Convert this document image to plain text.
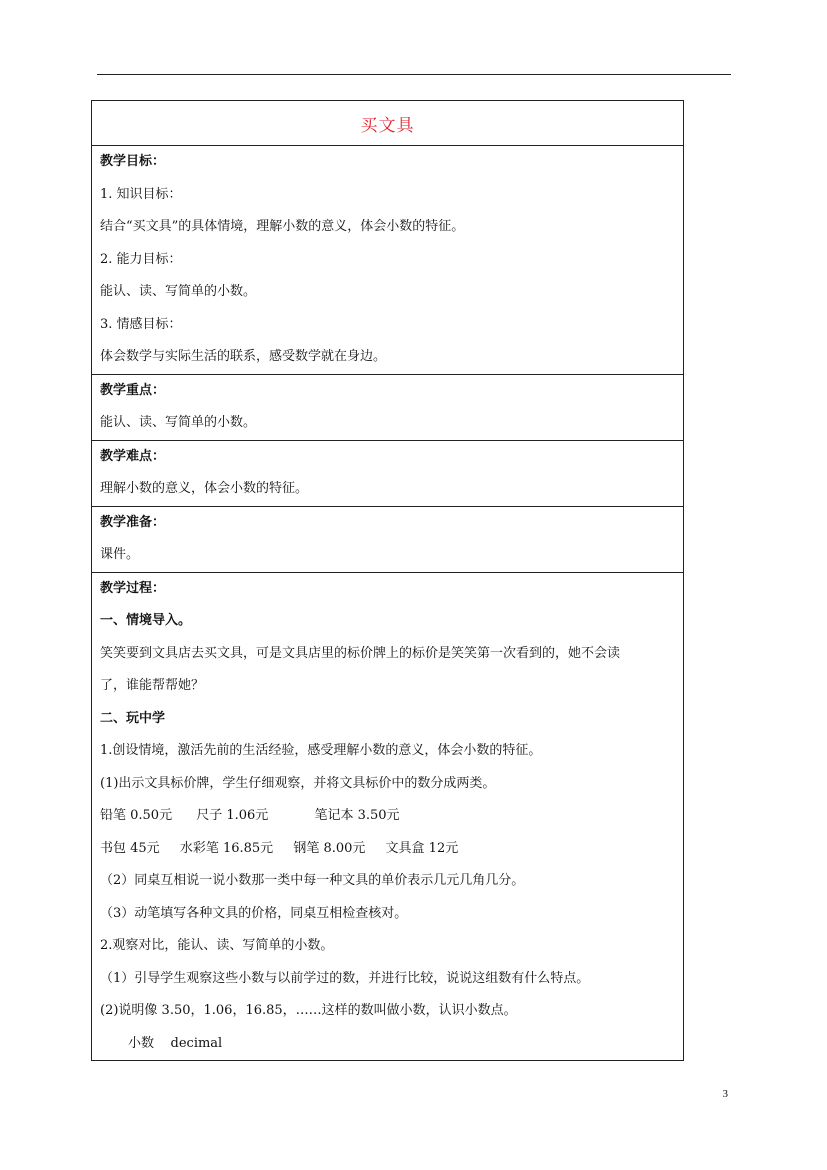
买文具
教学目标：
1. 知识目标：
结合“买文具”的具体情境，理解小数的意义，体会小数的特征。
2. 能力目标：
能认、读、写简单的小数。
3. 情感目标：
体会数学与实际生活的联系，感受数学就在身边。
教学重点：
能认、读、写简单的小数。
教学难点：
理解小数的意义，体会小数的特征。
教学准备：
课件。
教学过程：
一、情境导入。
笑笑要到文具店去买文具，可是文具店里的标价牌上的标价是笑笑第一次看到的，她不会读
了，谁能帮帮她？
二、玩中学
1.创设情境，激活先前的生活经验，感受理解小数的意义，体会小数的特征。
(1)出示文具标价牌，学生仔细观察，并将文具标价中的数分成两类。
铅笔 0.50元 尺子 1.06元	笔记本 3.50元
书包 45元 水彩笔 16.85元 钢笔 8.00元 文具盒 12元
（2）同桌互相说一说小数那一类中每一种文具的单价表示几元几角几分。
（3）动笔填写各种文具的价格，同桌互相检查核对。
2.观察对比，能认、读、写简单的小数。
（1）引导学生观察这些小数与以前学过的数，并进行比较，说说这组数有什么特点。
(2)说明像 3.50，1.06，16.85，……这样的数叫做小数，认识小数点。
小数    decimal
3
